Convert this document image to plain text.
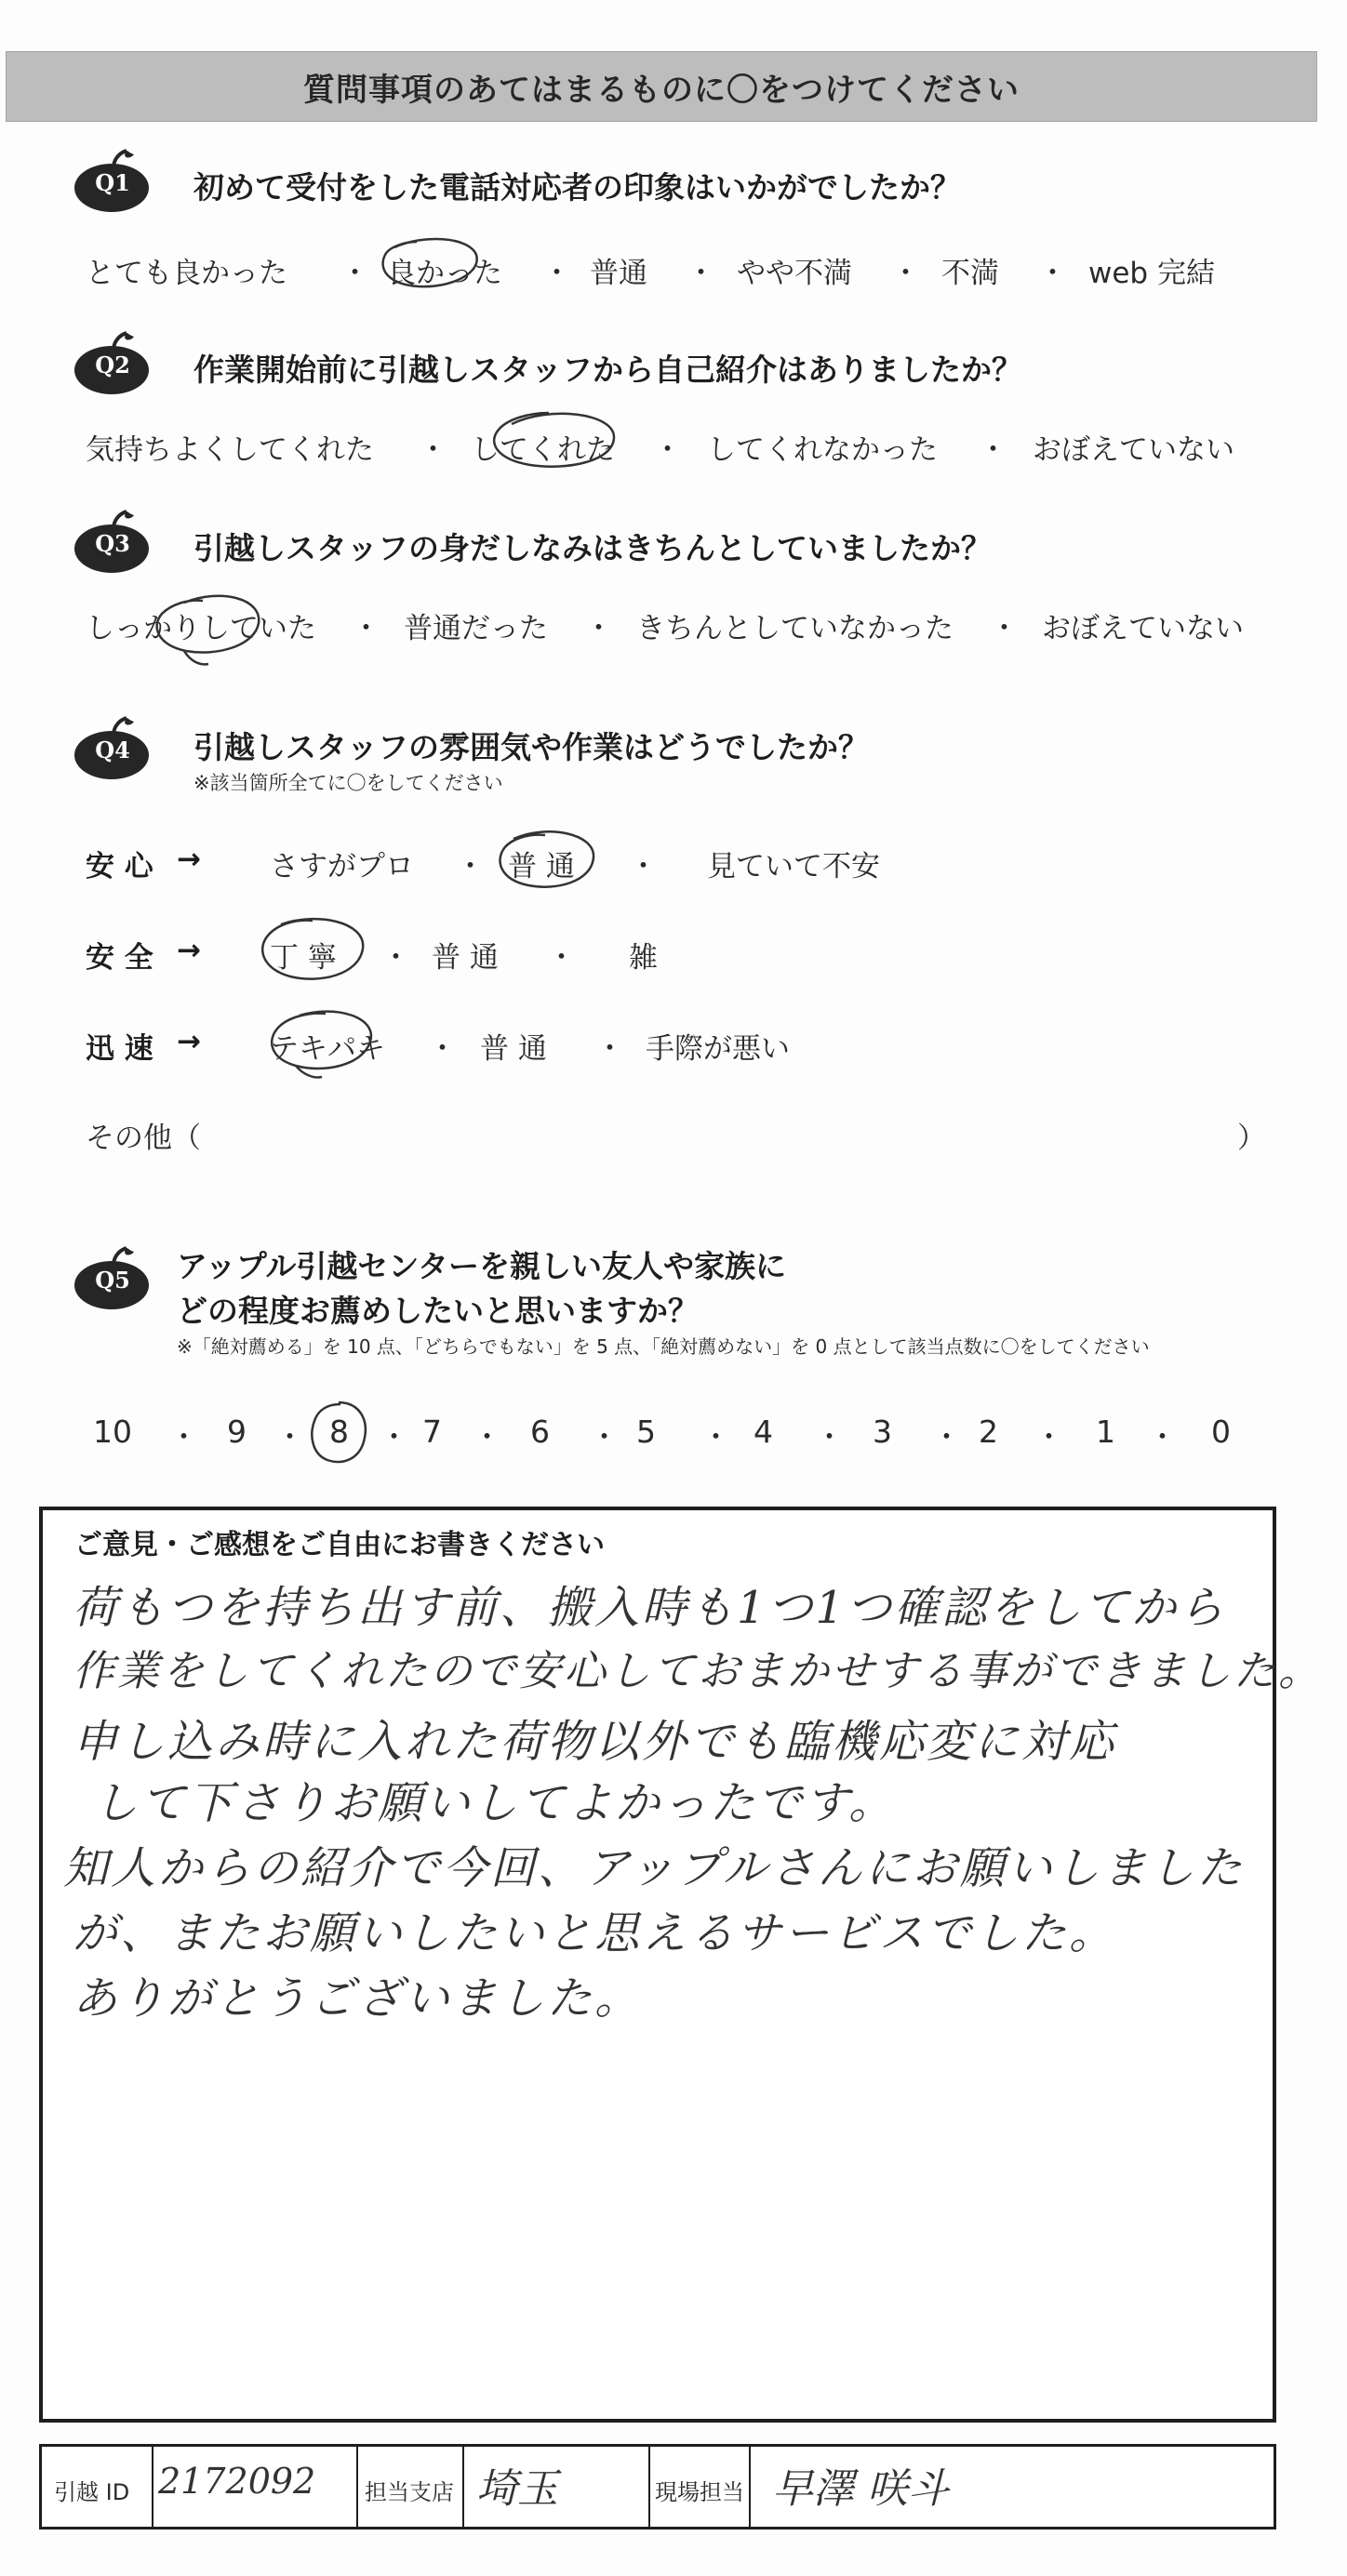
質問事項のあてはまるものに〇をつけてください
Q1	初めて受付をした電話対応者の印象はいかがでしたか？
とても良かった ・ 良かった ・ 普通 ・ やや不満 ・ 不満 ・ web 完結
Q2	作業開始前に引越しスタッフから自己紹介はありましたか？
気持ちよくしてくれた ・ してくれた ・ してくれなかった ・ おぼえていない
Q3	引越しスタッフの身だしなみはきちんとしていましたか？
しっかりしていた ・ 普通だった ・ きちんとしていなかった ・ おぼえていない
Q4	引越しスタッフの雰囲気や作業はどうでしたか？
※該当箇所全てに〇をしてください
安 心 → さすがプロ ・ 普 通 ・ 見ていて不安
安 全 → 丁 寧 ・ 普 通 ・ 雑
迅 速 → テキパキ ・ 普 通 ・ 手際が悪い
その他（	）
Q5	アップル引越センターを親しい友人や家族に
どの程度お薦めしたいと思いますか？
※「絶対薦める」を 10 点、「どちらでもない」を 5 点、「絶対薦めない」を 0 点として該当点数に〇をしてください
10 ・ 9 ・ 8 ・ 7 ・ 6 ・ 5 ・ 4 ・ 3 ・ 2 ・ 1 ・ 0
ご意見・ご感想をご自由にお書きください
荷もつを持ち出す前、搬入時も1つ1つ確認をしてから
作業をしてくれたので安心しておまかせする事ができました。
申し込み時に入れた荷物以外でも臨機応変に対応
して下さりお願いしてよかったです。
知人からの紹介で今回、アップルさんにお願いしました
が、またお願いしたいと思えるサービスでした。
ありがとうございました。
引越 ID 2172092 担当支店 埼玉	現場担当 早澤 咲斗
